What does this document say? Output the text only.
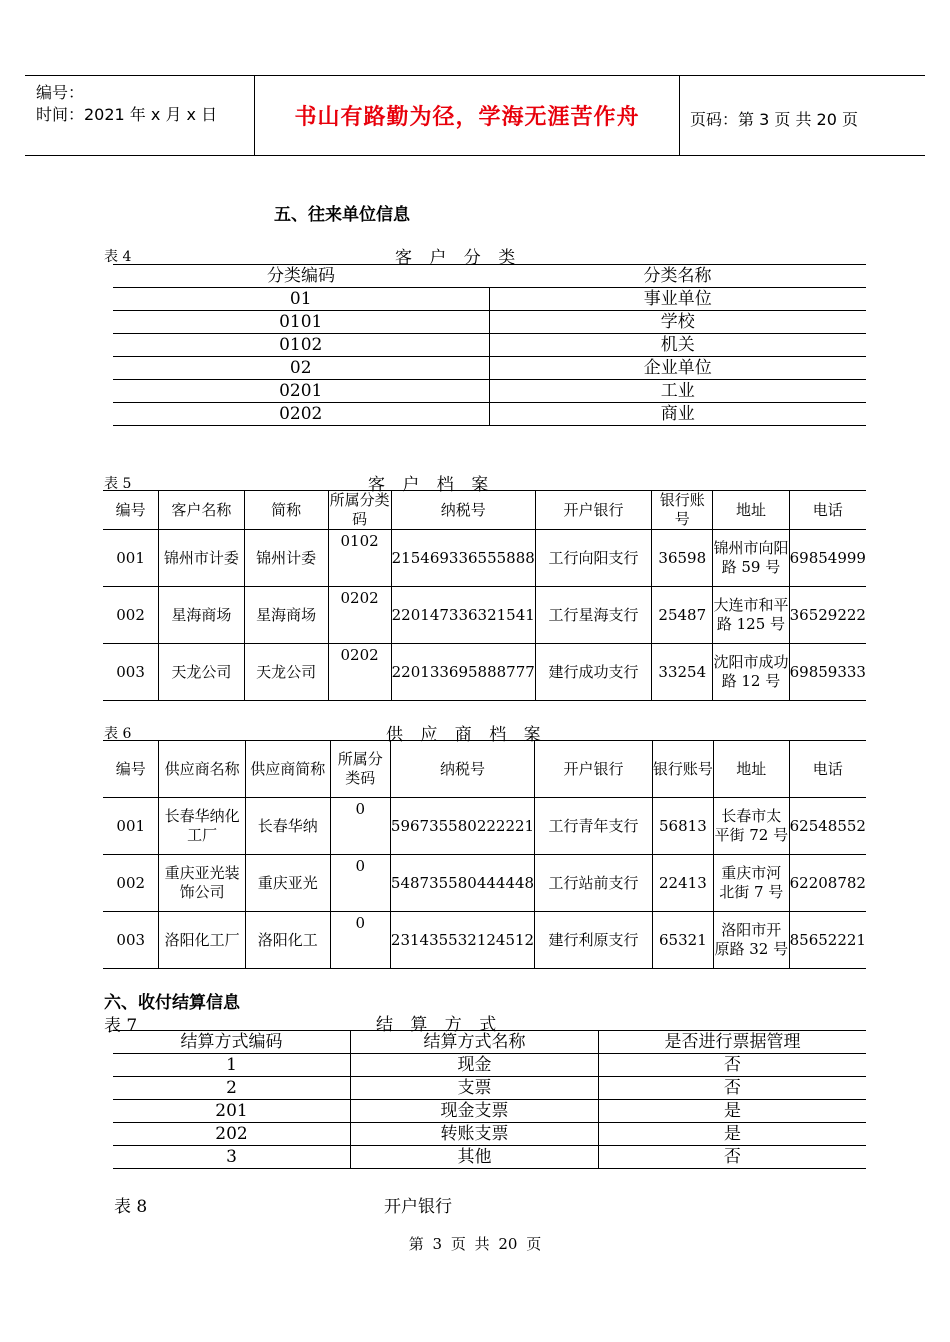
编号：
时间：2021 年 x 月 x 日	书山有路勤为径，学海无涯苦作舟	页码：第 3 页 共 20 页
五、往来单位信息
表 4	客 户 分 类
分类编码	分类名称
01	事业单位
0101	学校
0102	机关
02	企业单位
0201	工业
0202	商业
表 5	客 户 档 案
编号	客户名称	简称	所属分类码	纳税号	开户银行	银行账号	地址	电话
001	锦州市计委	锦州计委	0102	215469336555888	工行向阳支行	36598	锦州市向阳路 59 号	69854999
002	星海商场	星海商场	0202	220147336321541	工行星海支行	25487	大连市和平路 125 号	36529222
003	天龙公司	天龙公司	0202	220133695888777	建行成功支行	33254	沈阳市成功路 12 号	69859333
表 6	供 应 商 档 案
编号	供应商名称	供应商简称	所属分类码	纳税号	开户银行	银行账号	地址	电话
001	长春华纳化工厂	长春华纳	0	596735580222221	工行青年支行	56813	长春市太平街 72 号	62548552
002	重庆亚光装饰公司	重庆亚光	0	548735580444448	工行站前支行	22413	重庆市河北街 7 号	62208782
003	洛阳化工厂	洛阳化工	0	231435532124512	建行利原支行	65321	洛阳市开原路 32 号	85652221
六、收付结算信息
表 7	结 算 方 式
结算方式编码	结算方式名称	是否进行票据管理
1	现金	否
2	支票	否
201	现金支票	是
202	转账支票	是
3	其他	否
表 8	开户银行
第 3 页 共 20 页
